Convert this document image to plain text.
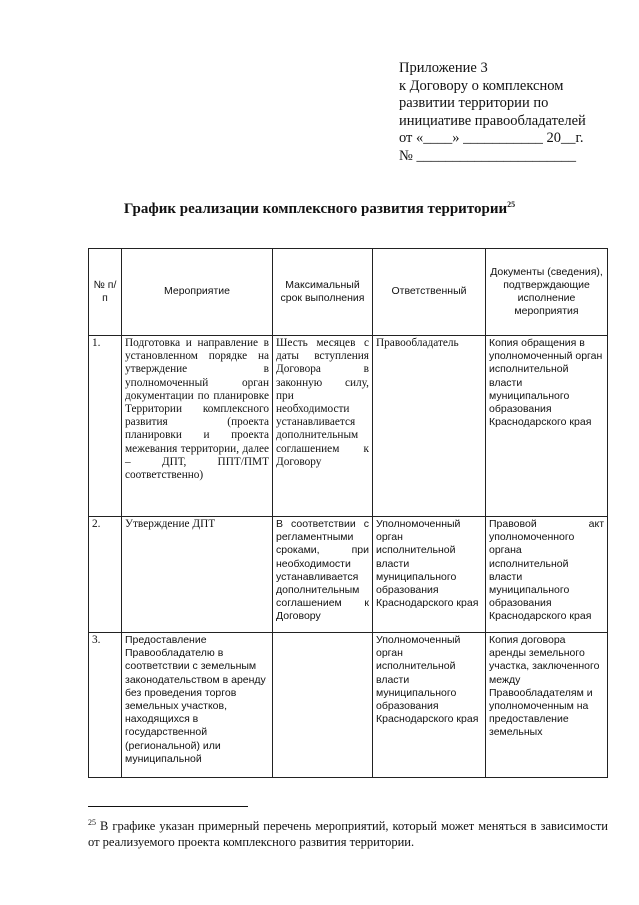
Приложение 3
к Договору о комплексном
развитии территории по
инициативе правообладателей
от «____» ___________ 20__г.
№ ______________________
График реализации комплексного развития территории$^{25}$
№ п/п	Мероприятие	Максимальный срок выполнения	Ответственный	Документы (сведения), подтверждающие исполнение мероприятия
1.	Подготовка и направление в установленном порядке на утверждение в уполномоченный орган документации по планировке Территории комплексного развития (проекта планировки и проекта межевания территории, далее – ДПТ, ППТ/ПМТ соответственно)	Шесть месяцев с даты вступления Договора в законную силу, при необходимости устанавливается дополнительным соглашением к Договору	Правообладатель	Копия обращения в уполномоченный орган исполнительной власти муниципального образования Краснодарского края
2.	Утверждение ДПТ	В соответствии с регламентными сроками, при необходимости устанавливается дополнительным соглашением к Договору	Уполномоченный орган исполнительной власти муниципального образования Краснодарского края	Правовой акт уполномоченного органа исполнительной власти муниципального образования Краснодарского края
3.	Предоставление Правообладателю в соответствии с земельным законодательством в аренду без проведения торгов земельных участков, находящихся в государственной (региональной) или муниципальной		Уполномоченный орган исполнительной власти муниципального образования Краснодарского края	Копия договора аренды земельного участка, заключенного между Правообладателям и уполномоченным на предоставление земельных
$^{25}$ В графике указан примерный перечень мероприятий, который может меняться в зависимости от реализуемого проекта комплексного развития территории.
